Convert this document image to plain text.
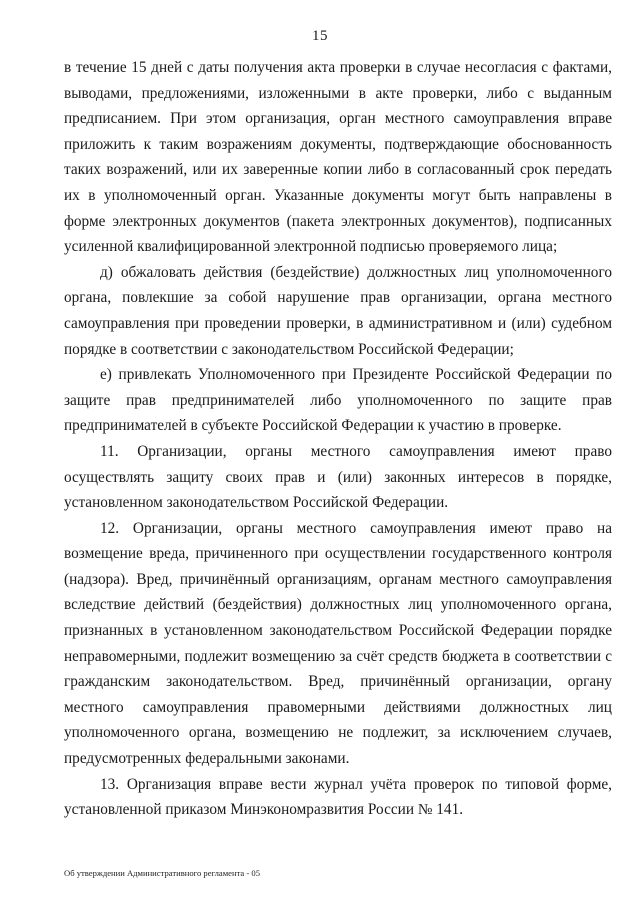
15

в течение 15 дней с даты получения акта проверки в случае несогласия с фактами, выводами, предложениями, изложенными в акте проверки, либо с выданным предписанием. При этом организация, орган местного самоуправления вправе приложить к таким возражениям документы, подтверждающие обоснованность таких возражений, или их заверенные копии либо в согласованный срок передать их в уполномоченный орган. Указанные документы могут быть направлены в форме электронных документов (пакета электронных документов), подписанных усиленной квалифицированной электронной подписью проверяемого лица;

д) обжаловать действия (бездействие) должностных лиц уполномоченного органа, повлекшие за собой нарушение прав организации, органа местного самоуправления при проведении проверки, в административном и (или) судебном порядке в соответствии с законодательством Российской Федерации;

е) привлекать Уполномоченного при Президенте Российской Федерации по защите прав предпринимателей либо уполномоченного по защите прав предпринимателей в субъекте Российской Федерации к участию в проверке.

11. Организации, органы местного самоуправления имеют право осуществлять защиту своих прав и (или) законных интересов в порядке, установленном законодательством Российской Федерации.

12. Организации, органы местного самоуправления имеют право на возмещение вреда, причиненного при осуществлении государственного контроля (надзора). Вред, причинённый организациям, органам местного самоуправления вследствие действий (бездействия) должностных лиц уполномоченного органа, признанных в установленном законодательством Российской Федерации порядке неправомерными, подлежит возмещению за счёт средств бюджета в соответствии с гражданским законодательством. Вред, причинённый организации, органу местного самоуправления правомерными действиями должностных лиц уполномоченного органа, возмещению не подлежит, за исключением случаев, предусмотренных федеральными законами.

13. Организация вправе вести журнал учёта проверок по типовой форме, установленной приказом Минэкономразвития России № 141.

Об утверждении Административного регламента - 05
